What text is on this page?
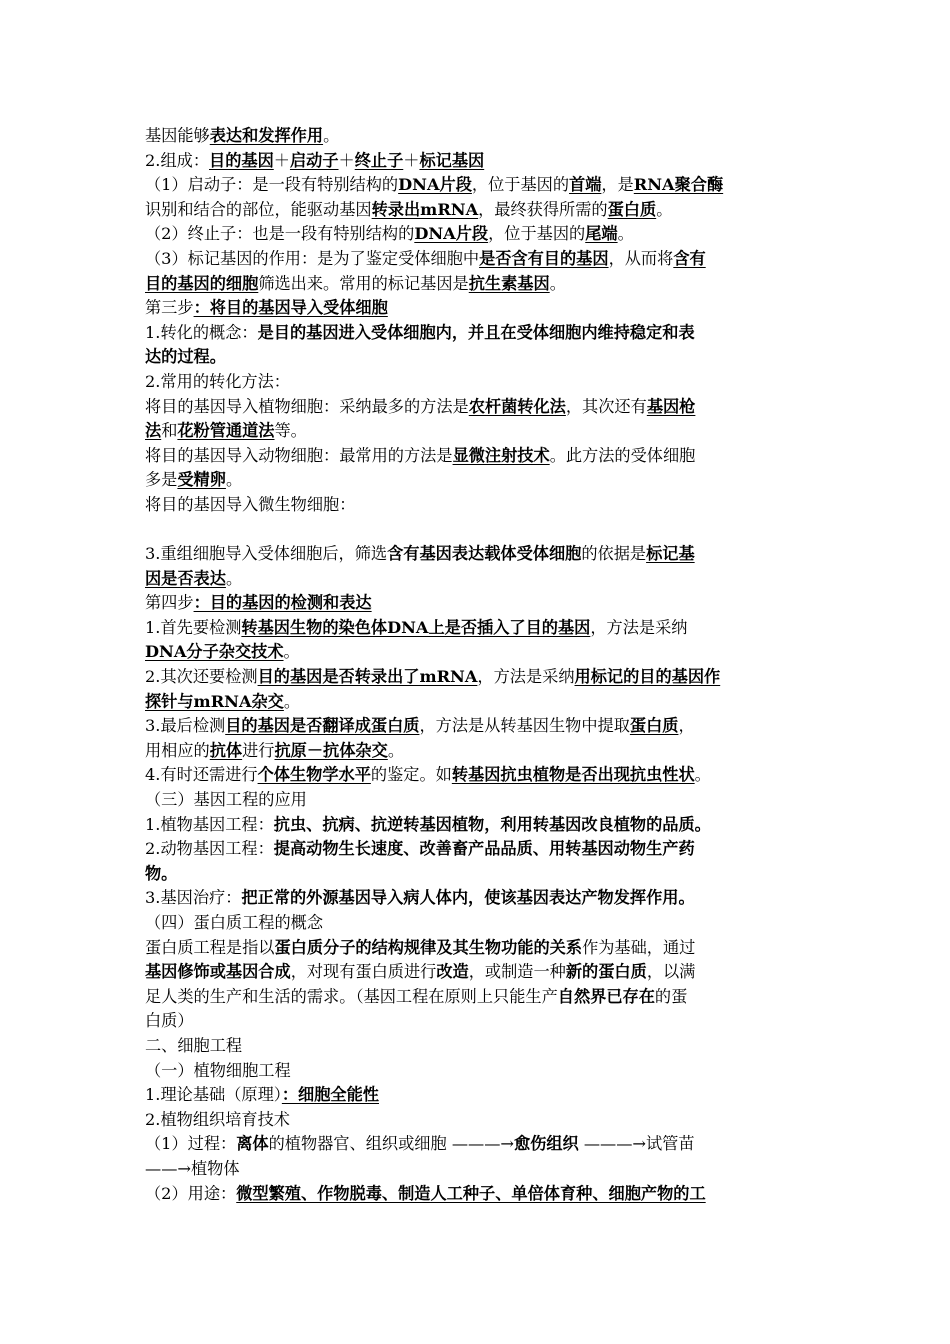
基因能够表达和发挥作用。
2.组成：目的基因＋启动子＋终止子＋标记基因
（1）启动子：是一段有特别结构的DNA片段，位于基因的首端，是RNA聚合酶
识别和结合的部位，能驱动基因转录出mRNA，最终获得所需的蛋白质。
（2）终止子：也是一段有特别结构的DNA片段，位于基因的尾端。
（3）标记基因的作用：是为了鉴定受体细胞中是否含有目的基因，从而将含有
目的基因的细胞筛选出来。常用的标记基因是抗生素基因。
第三步：将目的基因导入受体细胞
1.转化的概念：是目的基因进入受体细胞内，并且在受体细胞内维持稳定和表
达的过程。
2.常用的转化方法：
将目的基因导入植物细胞：采纳最多的方法是农杆菌转化法，其次还有基因枪
法和花粉管通道法等。
将目的基因导入动物细胞：最常用的方法是显微注射技术。此方法的受体细胞
多是受精卵。
将目的基因导入微生物细胞：
3.重组细胞导入受体细胞后，筛选含有基因表达载体受体细胞的依据是标记基
因是否表达。
第四步：目的基因的检测和表达
1.首先要检测转基因生物的染色体DNA上是否插入了目的基因，方法是采纳
DNA分子杂交技术。
2.其次还要检测目的基因是否转录出了mRNA，方法是采纳用标记的目的基因作
探针与mRNA杂交。
3.最后检测目的基因是否翻译成蛋白质，方法是从转基因生物中提取蛋白质，
用相应的抗体进行抗原－抗体杂交。
4.有时还需进行个体生物学水平的鉴定。如转基因抗虫植物是否出现抗虫性状。
（三）基因工程的应用
1.植物基因工程：抗虫、抗病、抗逆转基因植物，利用转基因改良植物的品质。
2.动物基因工程：提高动物生长速度、改善畜产品品质、用转基因动物生产药
物。
3.基因治疗：把正常的外源基因导入病人体内，使该基因表达产物发挥作用。
（四）蛋白质工程的概念
蛋白质工程是指以蛋白质分子的结构规律及其生物功能的关系作为基础，通过
基因修饰或基因合成，对现有蛋白质进行改造，或制造一种新的蛋白质，以满
足人类的生产和生活的需求。（基因工程在原则上只能生产自然界已存在的蛋
白质）
二、细胞工程
（一）植物细胞工程
1.理论基础（原理）：细胞全能性
2.植物组织培育技术
（1）过程：离体的植物器官、组织或细胞 ———→愈伤组织 ———→试管苗
——→植物体
（2）用途：微型繁殖、作物脱毒、制造人工种子、单倍体育种、细胞产物的工
